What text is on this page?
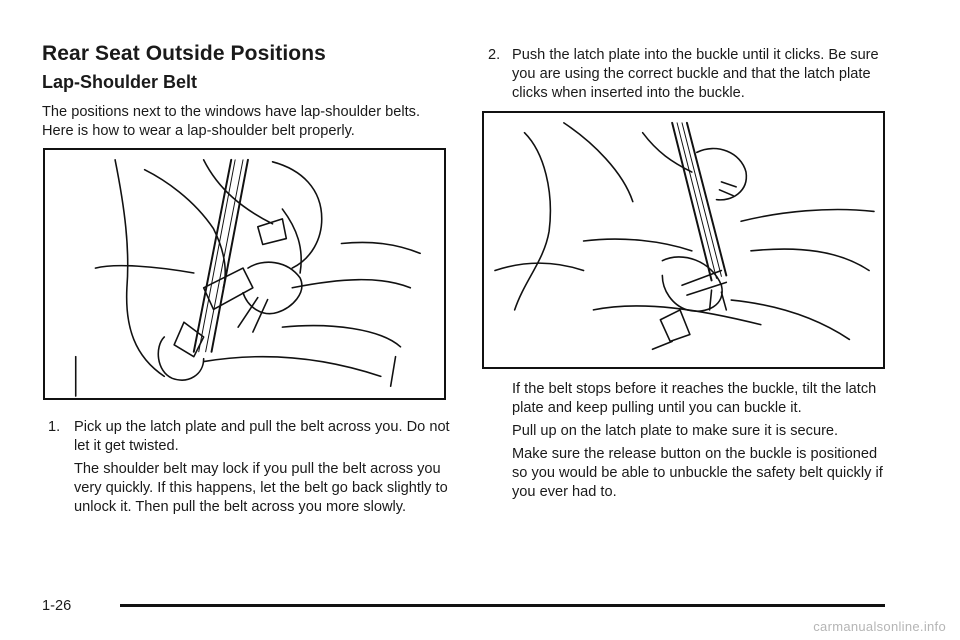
Rear Seat Outside Positions
Lap-Shoulder Belt

The positions next to the windows have lap-shoulder belts. Here is how to wear a lap-shoulder belt properly.

1. Pick up the latch plate and pull the belt across you. Do not let it get twisted.

The shoulder belt may lock if you pull the belt across you very quickly. If this happens, let the belt go back slightly to unlock it. Then pull the belt across you more slowly.

2. Push the latch plate into the buckle until it clicks. Be sure you are using the correct buckle and that the latch plate clicks when inserted into the buckle.

If the belt stops before it reaches the buckle, tilt the latch plate and keep pulling until you can buckle it.

Pull up on the latch plate to make sure it is secure.

Make sure the release button on the buckle is positioned so you would be able to unbuckle the safety belt quickly if you ever had to.

1-26
carmanualsonline.info
